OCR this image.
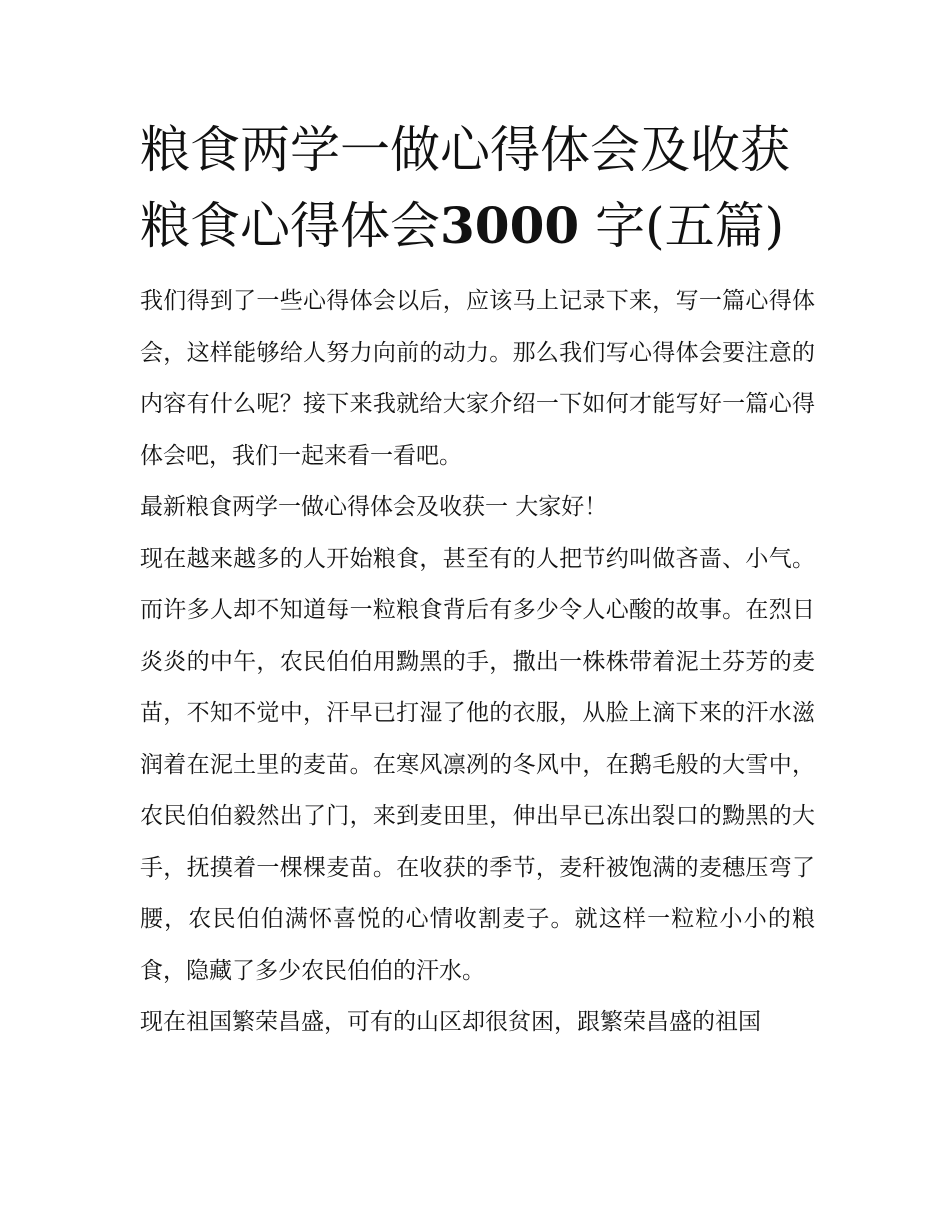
粮食两学一做心得体会及收获
粮食心得体会3000 字(五篇)

我们得到了一些心得体会以后，应该马上记录下来，写一篇心得体会，这样能够给人努力向前的动力。那么我们写心得体会要注意的内容有什么呢？接下来我就给大家介绍一下如何才能写好一篇心得体会吧，我们一起来看一看吧。

最新粮食两学一做心得体会及收获一 大家好！

现在越来越多的人开始粮食，甚至有的人把节约叫做吝啬、小气。而许多人却不知道每一粒粮食背后有多少令人心酸的故事。在烈日炎炎的中午，农民伯伯用黝黑的手，撒出一株株带着泥土芬芳的麦苗，不知不觉中，汗早已打湿了他的衣服，从脸上滴下来的汗水滋润着在泥土里的麦苗。在寒风凛冽的冬风中，在鹅毛般的大雪中，农民伯伯毅然出了门，来到麦田里，伸出早已冻出裂口的黝黑的大手，抚摸着一棵棵麦苗。在收获的季节，麦秆被饱满的麦穗压弯了腰，农民伯伯满怀喜悦的心情收割麦子。就这样一粒粒小小的粮食，隐藏了多少农民伯伯的汗水。

现在祖国繁荣昌盛，可有的山区却很贫困，跟繁荣昌盛的祖国
